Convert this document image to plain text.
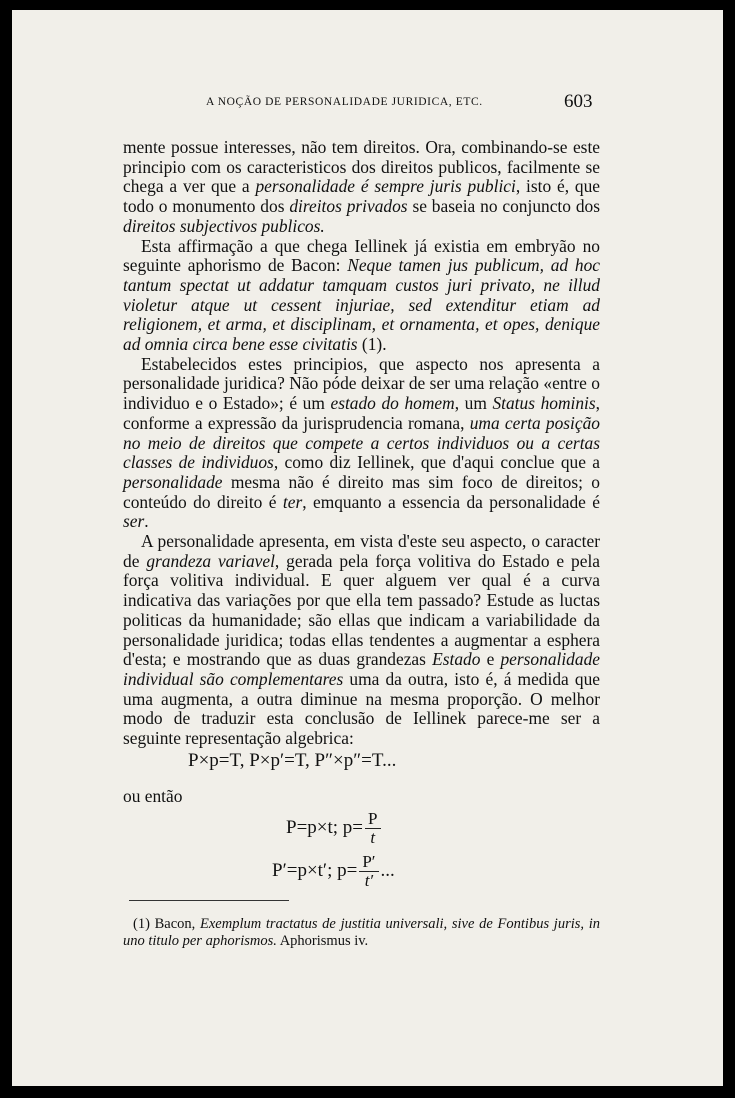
A NOÇÃO DE PERSONALIDADE JURIDICA, ETC.	603

mente possue interesses, não tem direitos. Ora, combinando-se este principio com os caracteristicos dos direitos publicos, facilmente se chega a ver que a personalidade é sempre juris publici, isto é, que todo o monumento dos direitos privados se baseia no conjuncto dos direitos subjectivos publicos.

Esta affirmação a que chega Iellinek já existia em embryão no seguinte aphorismo de Bacon: Neque tamen jus publicum, ad hoc tantum spectat ut addatur tamquam custos juri privato, ne illud violetur atque ut cessent injuriae, sed extenditur etiam ad religionem, et arma, et disciplinam, et ornamenta, et opes, denique ad omnia circa bene esse civitatis (1).

Estabelecidos estes principios, que aspecto nos apresenta a personalidade juridica? Não póde deixar de ser uma relação «entre o individuo e o Estado»; é um estado do homem, um Status hominis, conforme a expressão da jurisprudencia romana, uma certa posição no meio de direitos que compete a certos individuos ou a certas classes de individuos, como diz Iellinek, que d'aqui conclue que a personalidade mesma não é direito mas sim foco de direitos; o conteúdo do direito é ter, emquanto a essencia da personalidade é ser.

A personalidade apresenta, em vista d'este seu aspecto, o caracter de grandeza variavel, gerada pela força volitiva do Estado e pela força volitiva individual. E quer alguem ver qual é a curva indicativa das variações por que ella tem passado? Estude as luctas politicas da humanidade; são ellas que indicam a variabilidade da personalidade juridica; todas ellas tendentes a augmentar a esphera d'esta; e mostrando que as duas grandezas Estado e personalidade individual são complementares uma da outra, isto é, á medida que uma augmenta, a outra diminue na mesma proporção. O melhor modo de traduzir esta conclusão de Iellinek parece-me ser a seguinte representação algebrica:

P×p=T, P×p′=T, P″×p″=T...
ou então
P=p×t; $p= \frac{P}{t}$
P′=p×t′; $p= \frac{P'}{t'}$ ...

(1) Bacon, Exemplum tractatus de justitia universali, sive de Fontibus juris, in uno titulo per aphorismos. Aphorismus iv.
